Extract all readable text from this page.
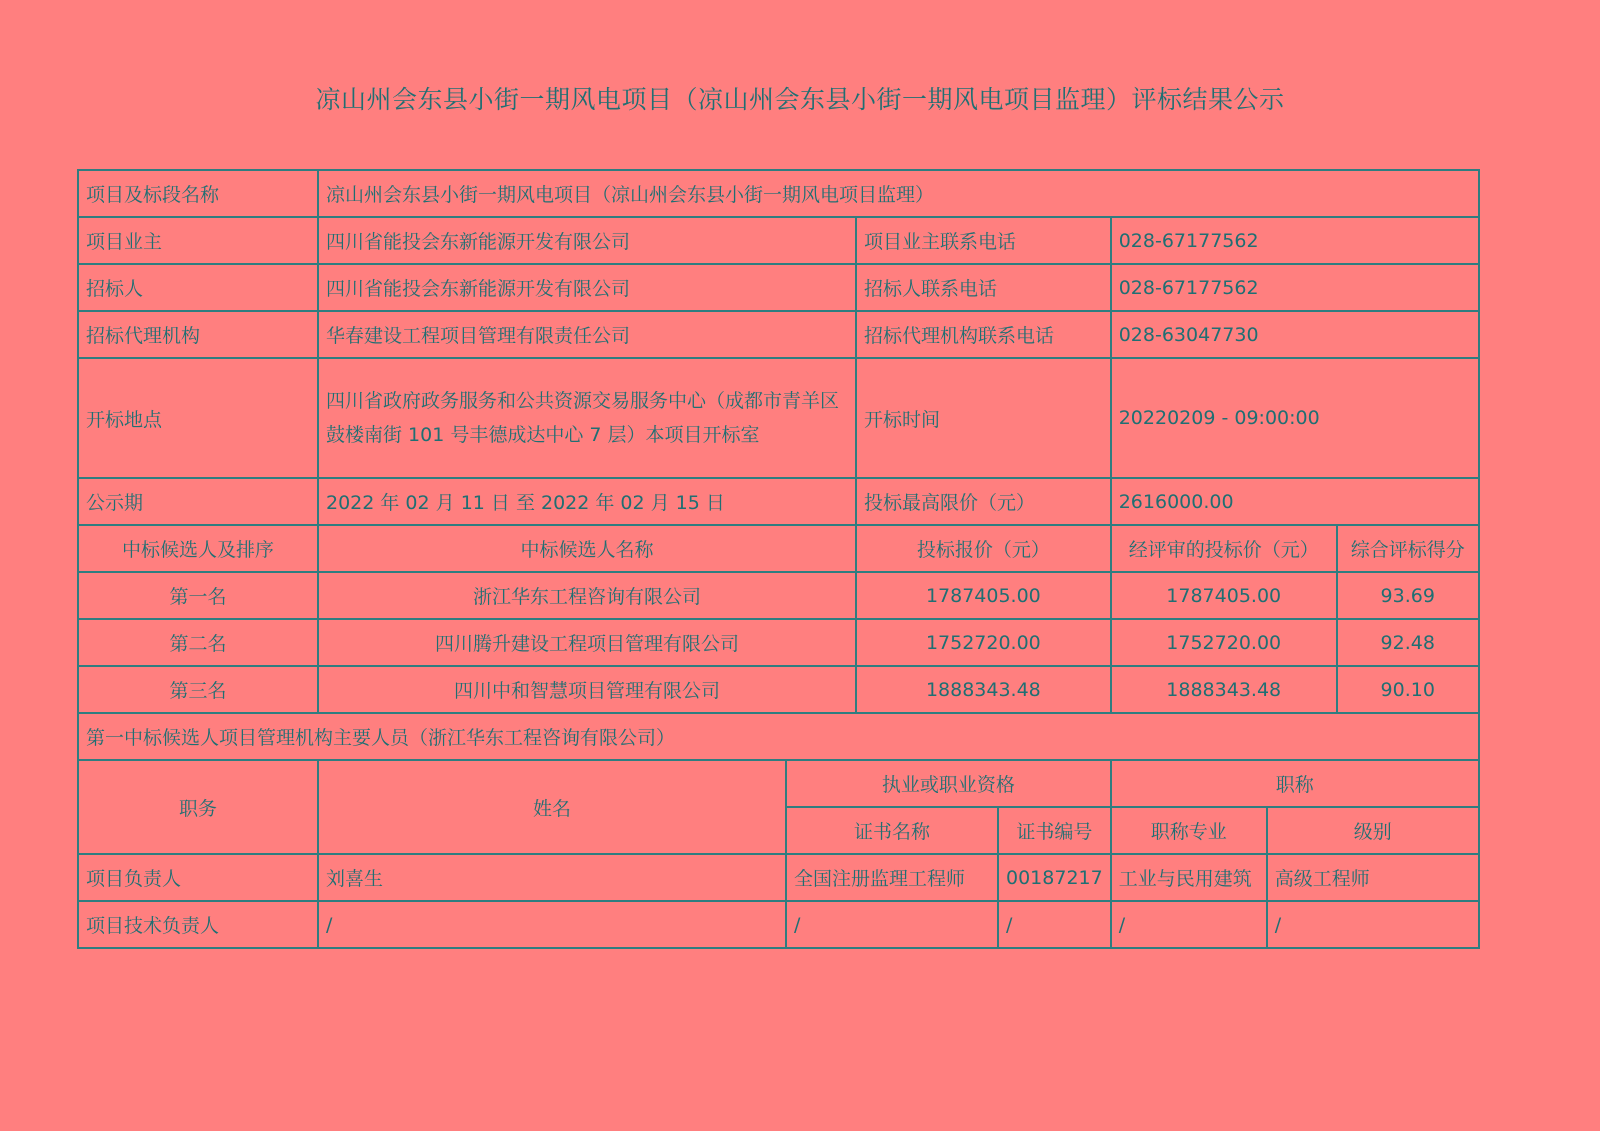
凉山州会东县小街一期风电项目（凉山州会东县小街一期风电项目监理）评标结果公示
项目及标段名称	凉山州会东县小街一期风电项目（凉山州会东县小街一期风电项目监理）						
项目业主	四川省能投会东新能源开发有限公司		项目业主联系电话		028-67177562		
招标人	四川省能投会东新能源开发有限公司		招标人联系电话		028-67177562		
招标代理机构	华春建设工程项目管理有限责任公司		招标代理机构联系电话		028-63047730		
开标地点	四川省政府政务服务和公共资源交易服务中心（成都市青羊区鼓楼南街 101 号丰德成达中心 7 层）本项目开标室		开标时间		20220209 - 09:00:00		
公示期	2022 年 02 月 11 日 至 2022 年 02 月 15 日		投标最高限价（元）		2616000.00		
中标候选人及排序	中标候选人名称		投标报价（元）		经评审的投标价（元）		综合评标得分
第一名	浙江华东工程咨询有限公司		1787405.00		1787405.00		93.69
第二名	四川腾升建设工程项目管理有限公司		1752720.00		1752720.00		92.48
第三名	四川中和智慧项目管理有限公司		1888343.48		1888343.48		90.10
第一中标候选人项目管理机构主要人员（浙江华东工程咨询有限公司）							
职务	姓名	执业或职业资格			职称		
		证书名称		证书编号	职称专业	级别	
项目负责人	刘喜生	全国注册监理工程师		00187217	工业与民用建筑	高级工程师	
项目技术负责人	/	/		/	/	/	
